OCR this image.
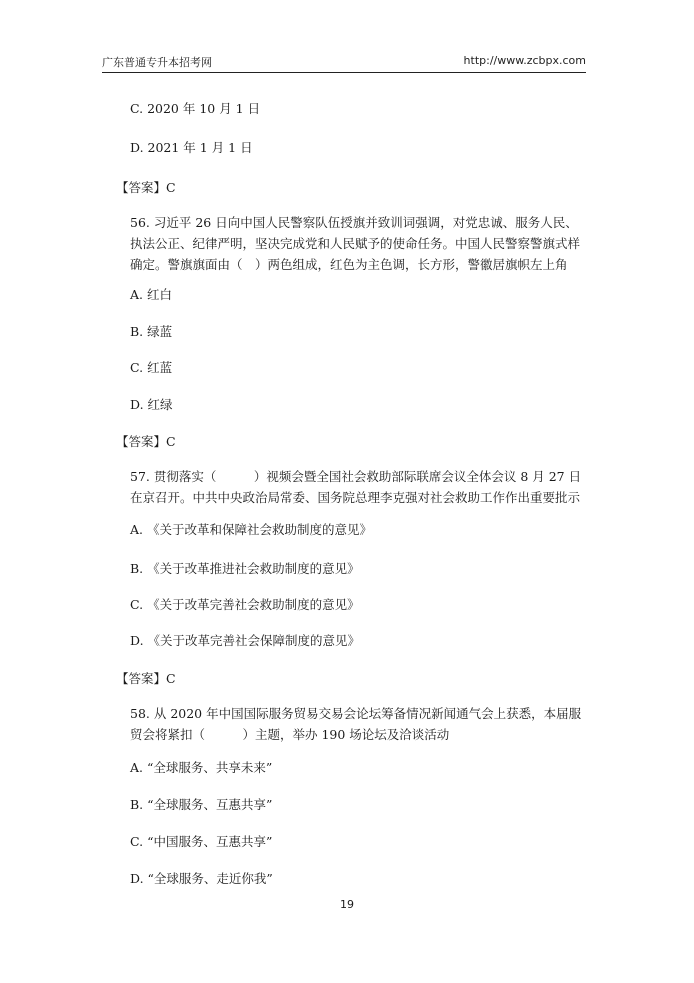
广东普通专升本招考网	http://www.zcbpx.com
C. 2020 年 10 月 1 日
D. 2021 年 1 月 1 日
【答案】C
56. 习近平 26 日向中国人民警察队伍授旗并致训词强调，对党忠诚、服务人民、执法公正、纪律严明，坚决完成党和人民赋予的使命任务。中国人民警察警旗式样确定。警旗旗面由（　）两色组成，红色为主色调，长方形，警徽居旗帜左上角
A. 红白
B. 绿蓝
C. 红蓝
D. 红绿
【答案】C
57. 贯彻落实（　　　）视频会暨全国社会救助部际联席会议全体会议 8 月 27 日在京召开。中共中央政治局常委、国务院总理李克强对社会救助工作作出重要批示
A. 《关于改革和保障社会救助制度的意见》
B. 《关于改革推进社会救助制度的意见》
C. 《关于改革完善社会救助制度的意见》
D. 《关于改革完善社会保障制度的意见》
【答案】C
58. 从 2020 年中国国际服务贸易交易会论坛筹备情况新闻通气会上获悉，本届服贸会将紧扣（　　　）主题，举办 190 场论坛及洽谈活动
A. “全球服务、共享未来”
B. “全球服务、互惠共享”
C. “中国服务、互惠共享”
D. “全球服务、走近你我”
19
